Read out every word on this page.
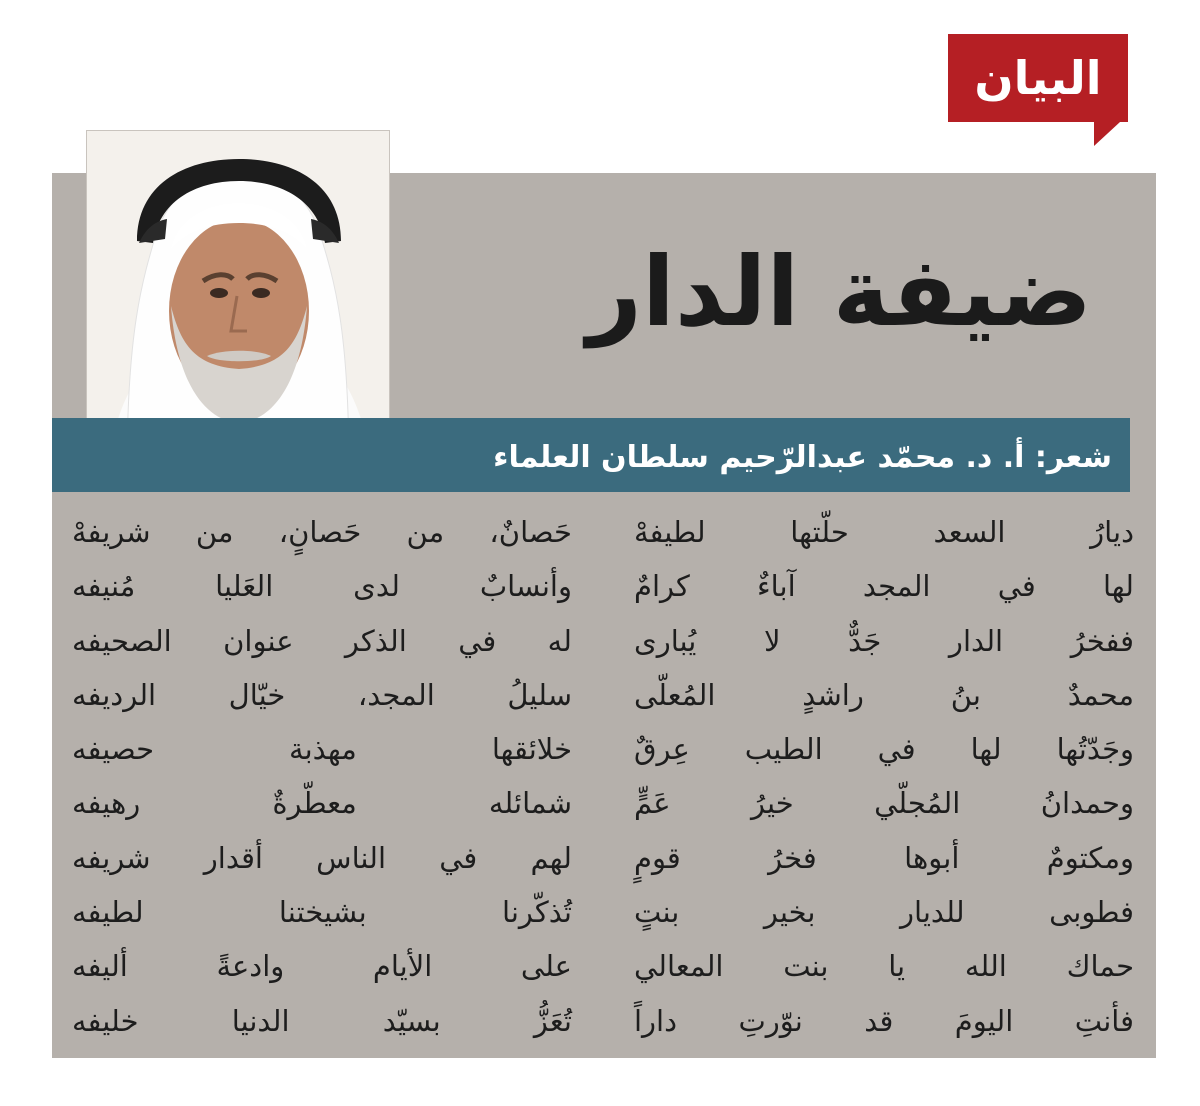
البيان
ضيفة الدار
شعر: أ. د. محمّد عبدالرّحيم سلطان العلماء
ديارُ السعد حلّتها لطيفهْ
لها في المجد آباءٌ كرامٌ
ففخرُ الدار جَدٌّ لا يُبارى
محمدٌ بنُ راشدٍ المُعلّى
وجَدّتُها لها في الطيب عِرقٌ
وحمدانُ المُجلّي خيرُ عَمٍّ
ومكتومٌ أبوها فخرُ قومٍ
فطوبى للديار بخير بنتٍ
حماك الله يا بنت المعالي
فأنتِ اليومَ قد نوّرتِ داراً
حَصانٌ، من حَصانٍ، من شريفهْ
وأنسابٌ لدى العَليا مُنيفه
له في الذكر عنوان الصحيفه
سليلُ المجد، خيّال الرديفه
خلائقها مهذبة حصيفه
شمائله معطّرةٌ رهيفه
لهم في الناس أقدار شريفه
تُذكّرنا بشيختنا لطيفه
على الأيام وادعةً أليفه
تُعَزُّ بسيّد الدنيا خليفه
